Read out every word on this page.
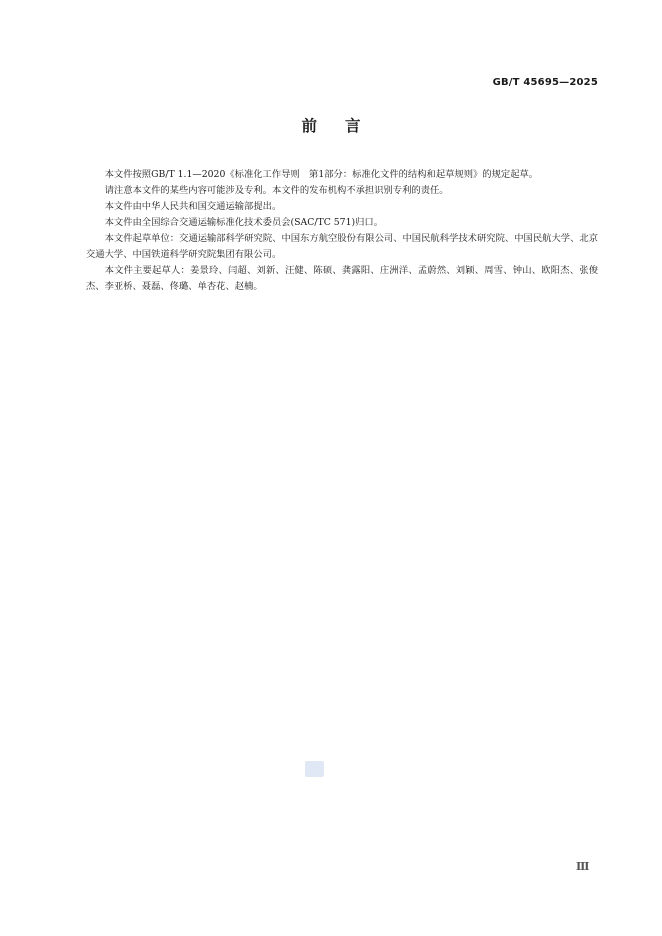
GB/T 45695—2025
前 言

本文件按照GB/T 1.1—2020《标准化工作导则　第1部分：标准化文件的结构和起草规则》的规定起草。

请注意本文件的某些内容可能涉及专利。本文件的发布机构不承担识别专利的责任。

本文件由中华人民共和国交通运输部提出。

本文件由全国综合交通运输标准化技术委员会(SAC/TC 571)归口。

本文件起草单位：交通运输部科学研究院、中国东方航空股份有限公司、中国民航科学技术研究院、中国民航大学、北京交通大学、中国铁道科学研究院集团有限公司。

本文件主要起草人：姜景玲、闫超、刘新、汪健、陈硕、龚露阳、庄洲洋、孟蔚然、刘颖、周雪、钟山、欧阳杰、张俊杰、李亚桥、聂磊、佟璐、单杏花、赵楠。

Ⅲ
